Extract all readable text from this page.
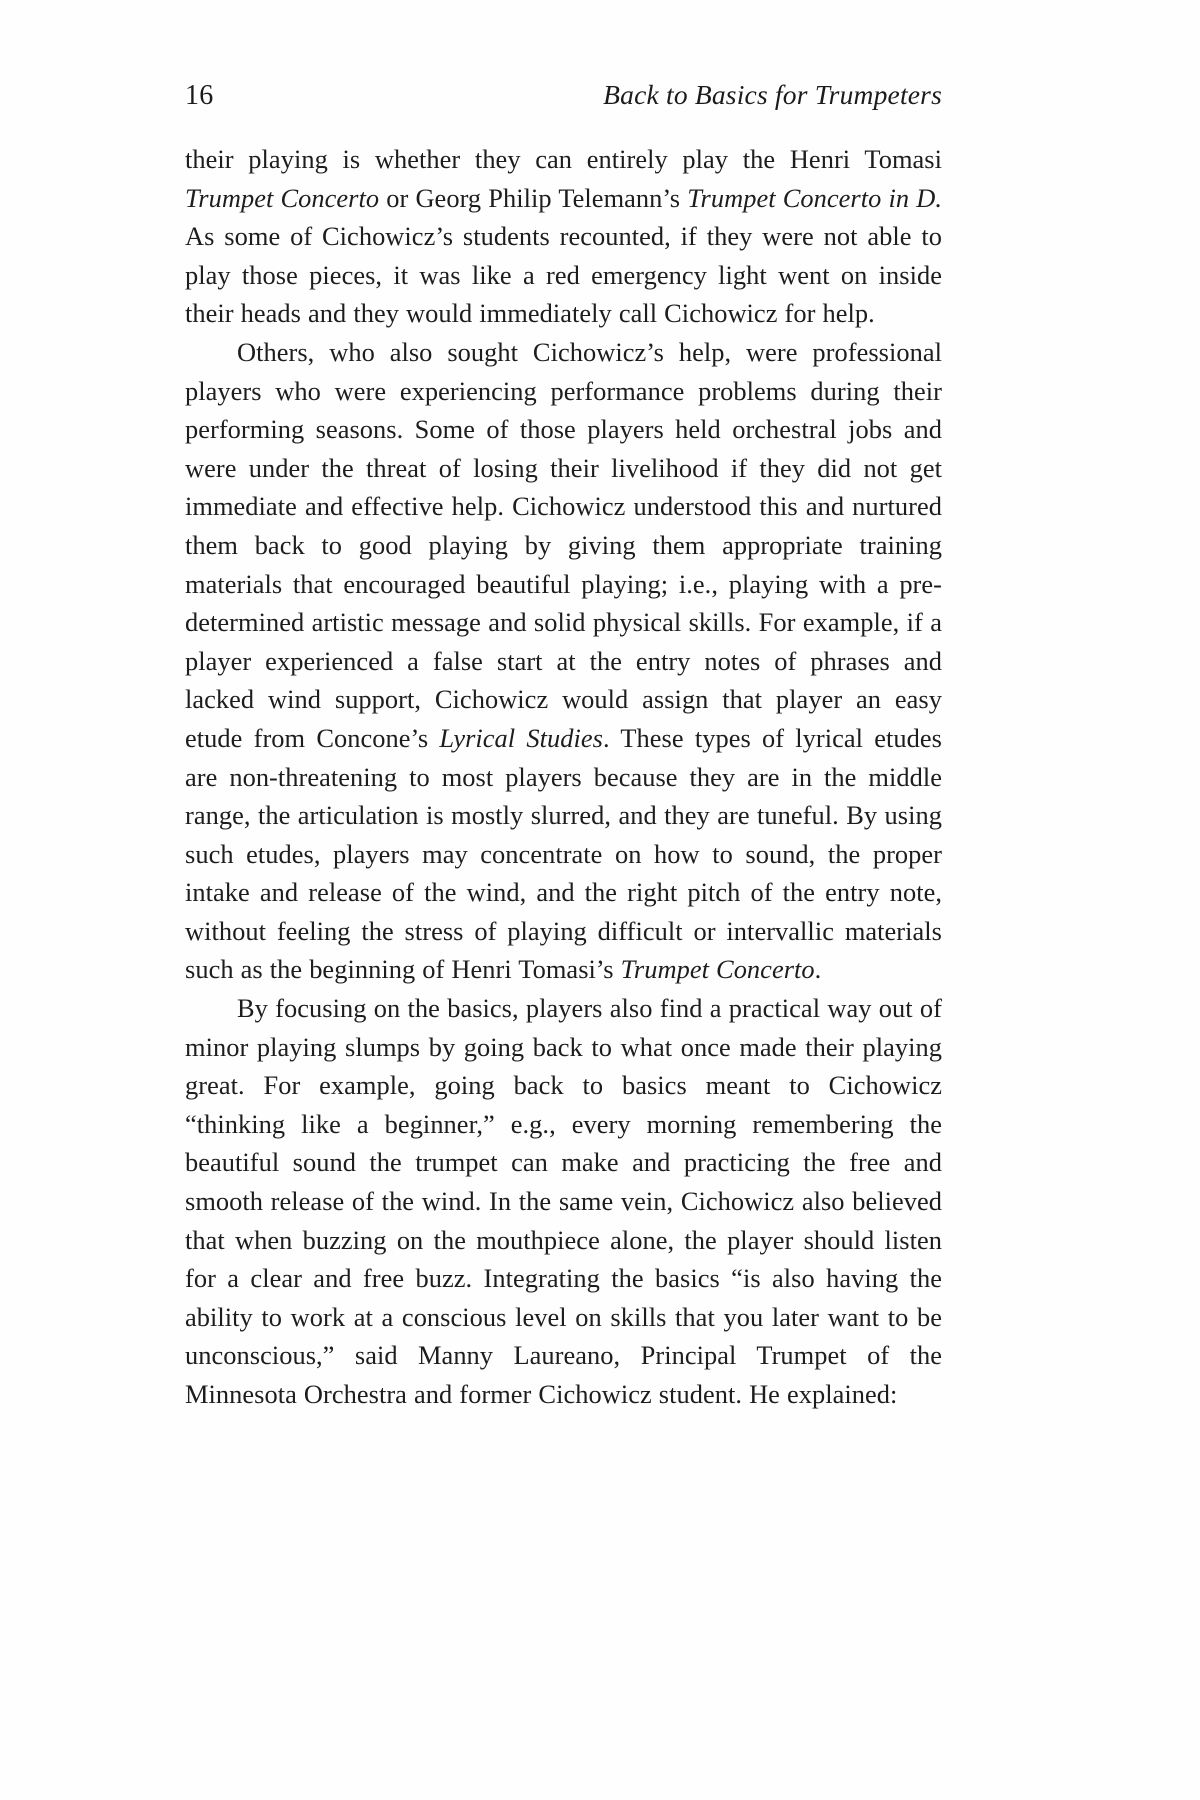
16	Back to Basics for Trumpeters

their playing is whether they can entirely play the Henri Tomasi Trumpet Concerto or Georg Philip Telemann’s Trumpet Concerto in D. As some of Cichowicz’s students recounted, if they were not able to play those pieces, it was like a red emergency light went on inside their heads and they would immediately call Cichowicz for help.

Others, who also sought Cichowicz’s help, were professional players who were experiencing performance problems during their performing seasons. Some of those players held orchestral jobs and were under the threat of losing their livelihood if they did not get immediate and effective help. Cichowicz understood this and nurtured them back to good playing by giving them appropriate training materials that encouraged beautiful playing; i.e., playing with a pre-determined artistic message and solid physical skills. For example, if a player experienced a false start at the entry notes of phrases and lacked wind support, Cichowicz would assign that player an easy etude from Concone’s Lyrical Studies. These types of lyrical etudes are non-threatening to most players because they are in the middle range, the articulation is mostly slurred, and they are tuneful. By using such etudes, players may concentrate on how to sound, the proper intake and release of the wind, and the right pitch of the entry note, without feeling the stress of playing difficult or intervallic materials such as the beginning of Henri Tomasi’s Trumpet Concerto.

By focusing on the basics, players also find a practical way out of minor playing slumps by going back to what once made their playing great. For example, going back to basics meant to Cichowicz “thinking like a beginner,” e.g., every morning remembering the beautiful sound the trumpet can make and practicing the free and smooth release of the wind. In the same vein, Cichowicz also believed that when buzzing on the mouthpiece alone, the player should listen for a clear and free buzz. Integrating the basics “is also having the ability to work at a conscious level on skills that you later want to be unconscious,” said Manny Laureano, Principal Trumpet of the Minnesota Orchestra and former Cichowicz student. He explained:
